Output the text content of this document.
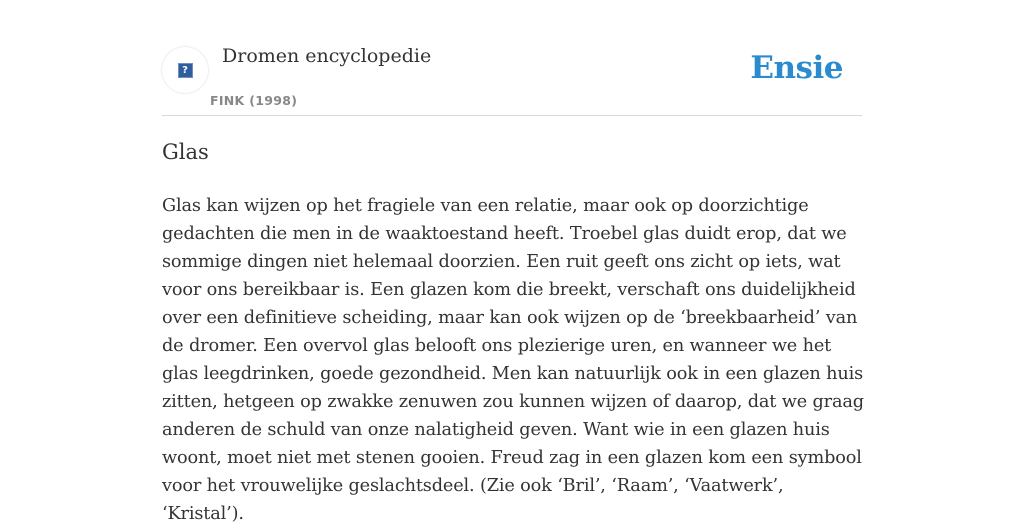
?
Dromen encyclopedie
FINK (1998)
Ensie
Glas

Glas kan wijzen op het fragiele van een relatie, maar ook op doorzichtige gedachten die men in de waaktoestand heeft. Troebel glas duidt erop, dat we sommige dingen niet helemaal doorzien. Een ruit geeft ons zicht op iets, wat voor ons bereikbaar is. Een glazen kom die breekt, verschaft ons duidelijkheid over een definitieve scheiding, maar kan ook wijzen op de ‘breekbaarheid’ van de dromer. Een overvol glas belooft ons plezierige uren, en wanneer we het glas leegdrinken, goede gezondheid. Men kan natuurlijk ook in een glazen huis zitten, hetgeen op zwakke zenuwen zou kunnen wijzen of daarop, dat we graag anderen de schuld van onze nalatigheid geven. Want wie in een glazen huis woont, moet niet met stenen gooien. Freud zag in een glazen kom een symbool voor het vrouwelijke geslachtsdeel. (Zie ook ‘Bril’, ‘Raam’, ‘Vaatwerk’, ‘Kristal’).
